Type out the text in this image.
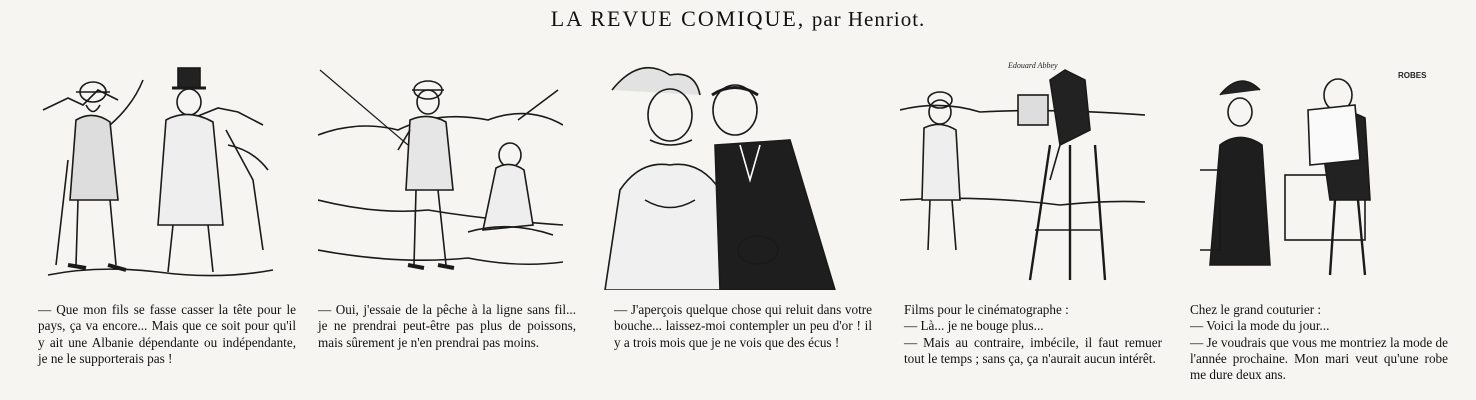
LA REVUE COMIQUE, par Henriot.
— Que mon fils se fasse casser la tête pour le pays, ça va encore... Mais que ce soit pour qu'il y ait une Albanie dépendante ou indépendante, je ne le supporterais pas !
— Oui, j'essaie de la pêche à la ligne sans fil... je ne prendrai peut-être pas plus de poissons, mais sûrement je n'en prendrai pas moins.
— J'aperçois quelque chose qui reluit dans votre bouche... laissez-moi contempler un peu d'or ! il y a trois mois que je ne vois que des écus !
Edouard Abbey
Films pour le cinématographe :
— Là... je ne bouge plus...
— Mais au contraire, imbécile, il faut remuer tout le temps ; sans ça, ça n'aurait aucun intérêt.
ROBES
Chez le grand couturier :
— Voici la mode du jour...
— Je voudrais que vous me montriez la mode de l'année prochaine. Mon mari veut qu'une robe me dure deux ans.
